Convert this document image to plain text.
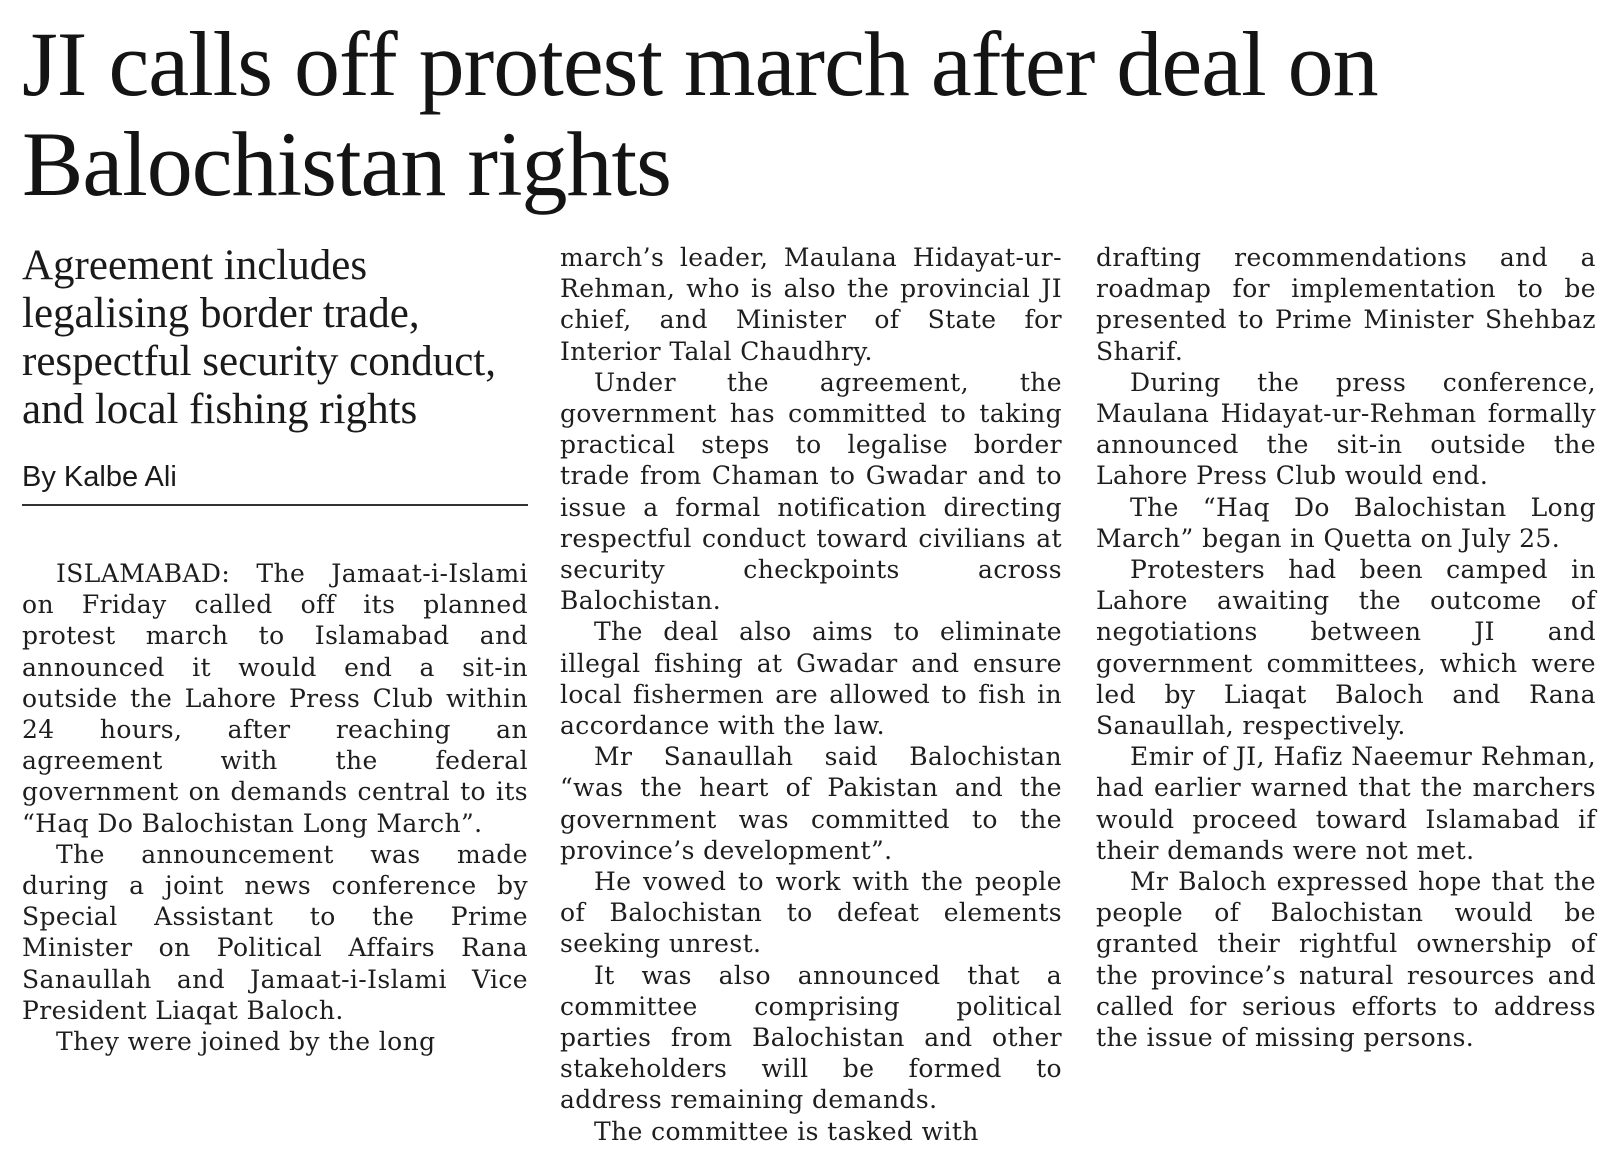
JI calls off protest march after deal on Balochistan rights
Agreement includes legalising border trade, respectful security conduct, and local fishing rights
By Kalbe Ali

ISLAMABAD: The Jamaat-i-Islami on Friday called off its planned protest march to Islamabad and announced it would end a sit-in outside the Lahore Press Club within 24 hours, after reaching an agreement with the federal government on demands central to its “Haq Do Balochistan Long March”.

The announcement was made during a joint news conference by Special Assistant to the Prime Minister on Political Affairs Rana Sanaullah and Jamaat-i-Islami Vice President Liaqat Baloch.

They were joined by the long

march’s leader, Maulana Hidayat-ur-Rehman, who is also the provincial JI chief, and Minister of State for Interior Talal Chaudhry.

Under the agreement, the government has committed to taking practical steps to legalise border trade from Chaman to Gwadar and to issue a formal notification directing respectful conduct toward civilians at security checkpoints across Balochistan.

The deal also aims to eliminate illegal fishing at Gwadar and ensure local fishermen are allowed to fish in accordance with the law.

Mr Sanaullah said Balochistan “was the heart of Pakistan and the government was committed to the province’s development”.

He vowed to work with the people of Balochistan to defeat elements seeking unrest.

It was also announced that a committee comprising political parties from Balochistan and other stakeholders will be formed to address remaining demands.

The committee is tasked with

drafting recommendations and a roadmap for implementation to be presented to Prime Minister Shehbaz Sharif.

During the press conference, Maulana Hidayat-ur-Rehman formally announced the sit-in outside the Lahore Press Club would end.

The “Haq Do Balochistan Long March” began in Quetta on July 25.

Protesters had been camped in Lahore awaiting the outcome of negotiations between JI and government committees, which were led by Liaqat Baloch and Rana Sanaullah, respectively.

Emir of JI, Hafiz Naeemur Rehman, had earlier warned that the marchers would proceed toward Islamabad if their demands were not met.

Mr Baloch expressed hope that the people of Balochistan would be granted their rightful ownership of the province’s natural resources and called for serious efforts to address the issue of missing persons.
